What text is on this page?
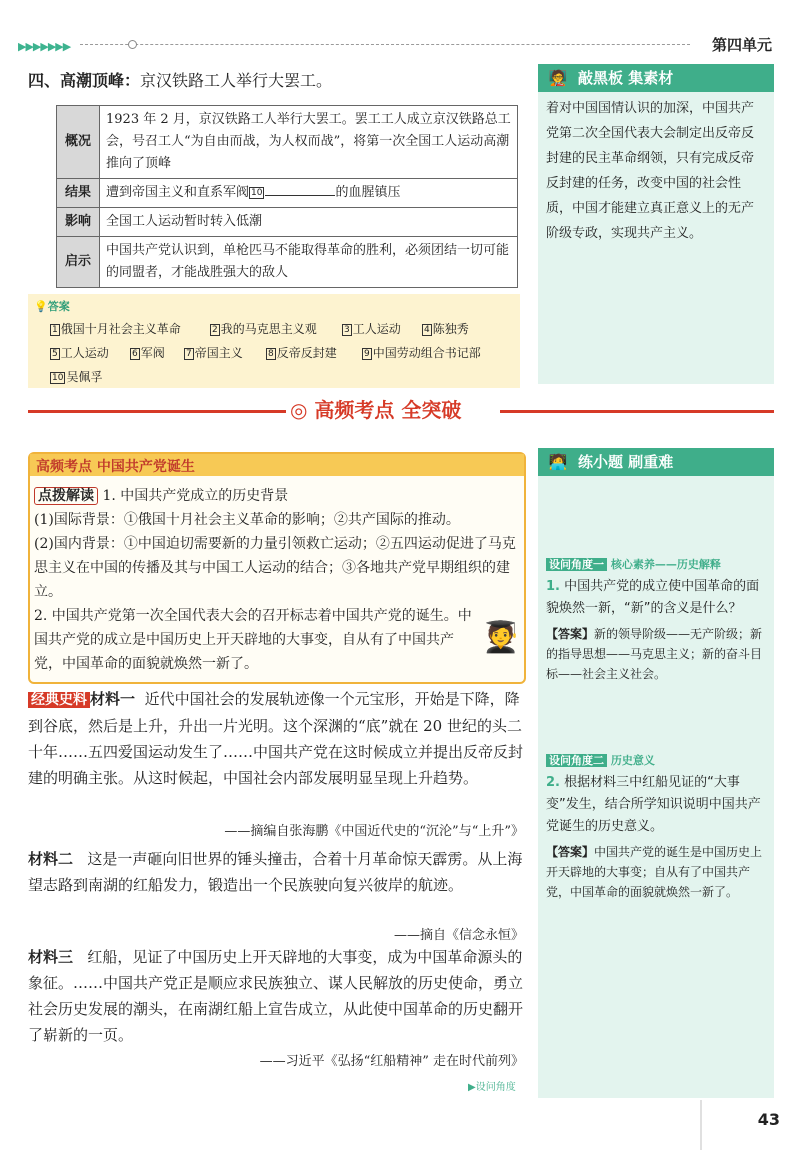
▶▶▶▶▶▶▶	第四单元
四、高潮顶峰：京汉铁路工人举行大罢工。
概况	1923 年 2 月，京汉铁路工人举行大罢工。罢工工人成立京汉铁路总工会，号召工人“为自由而战，为人权而战”，将第一次全国工人运动高潮推向了顶峰
结果	遭到帝国主义和直系军阀 10 的血腥镇压
影响	全国工人运动暂时转入低潮
启示	中国共产党认识到，单枪匹马不能取得革命的胜利，必须团结一切可能的同盟者，才能战胜强大的敌人
💡答案
1 俄国十月社会主义革命	2 我的马克思主义观	3 工人运动	4 陈独秀
5 工人运动	6 军阀 7 帝国主义	8 反帝反封建	9 中国劳动组合书记部
10 吴佩孚
🧑‍🏫 敲黑板 集素材
着对中国国情认识的加深，中国共产党第二次全国代表大会制定出反帝反封建的民主革命纲领，只有完成反帝反封建的任务，改变中国的社会性质，中国才能建立真正意义上的无产阶级专政，实现共产主义。
◎ 高频考点 全突破
高频考点 中国共产党诞生
点拨解读 1. 中国共产党成立的历史背景
(1)国际背景：①俄国十月社会主义革命的影响；②共产国际的推动。
(2)国内背景：①中国迫切需要新的力量引领救亡运动；②五四运动促进了马克思主义在中国的传播及其与中国工人运动的结合；③各地共产党早期组织的建立。
2. 中国共产党第一次全国代表大会的召开标志着中国共产党的诞生。中国共产党的成立是中国历史上开天辟地的大事变，自从有了中国共产党，中国革命的面貌就焕然一新了。
🧑‍🎓
经典史料 材料一 近代中国社会的发展轨迹像一个元宝形，开始是下降，降到谷底，然后是上升，升出一片光明。这个深渊的“底”就在 20 世纪的头二十年……五四爱国运动发生了……中国共产党在这时候成立并提出反帝反封建的明确主张。从这时候起，中国社会内部发展明显呈现上升趋势。
——摘编自张海鹏《中国近代史的“沉沦”与“上升”》
材料二 这是一声砸向旧世界的锤头撞击，合着十月革命惊天霹雳。从上海望志路到南湖的红船发力，锻造出一个民族驶向复兴彼岸的航迹。
——摘自《信念永恒》
材料三 红船，见证了中国历史上开天辟地的大事变，成为中国革命源头的象征。……中国共产党正是顺应求民族独立、谋人民解放的历史使命，勇立社会历史发展的潮头，在南湖红船上宣告成立，从此使中国革命的历史翻开了崭新的一页。
——习近平《弘扬“红船精神” 走在时代前列》
▶设问角度
🧑‍💻 练小题 刷重难
设问角度一 核心素养——历史解释
1. 中国共产党的成立使中国革命的面貌焕然一新，“新”的含义是什么？
【答案】新的领导阶级——无产阶级；新的指导思想——马克思主义；新的奋斗目标——社会主义社会。
设问角度二 历史意义
2. 根据材料三中红船见证的“大事变”发生，结合所学知识说明中国共产党诞生的历史意义。
【答案】中国共产党的诞生是中国历史上开天辟地的大事变；自从有了中国共产党，中国革命的面貌就焕然一新了。
43
